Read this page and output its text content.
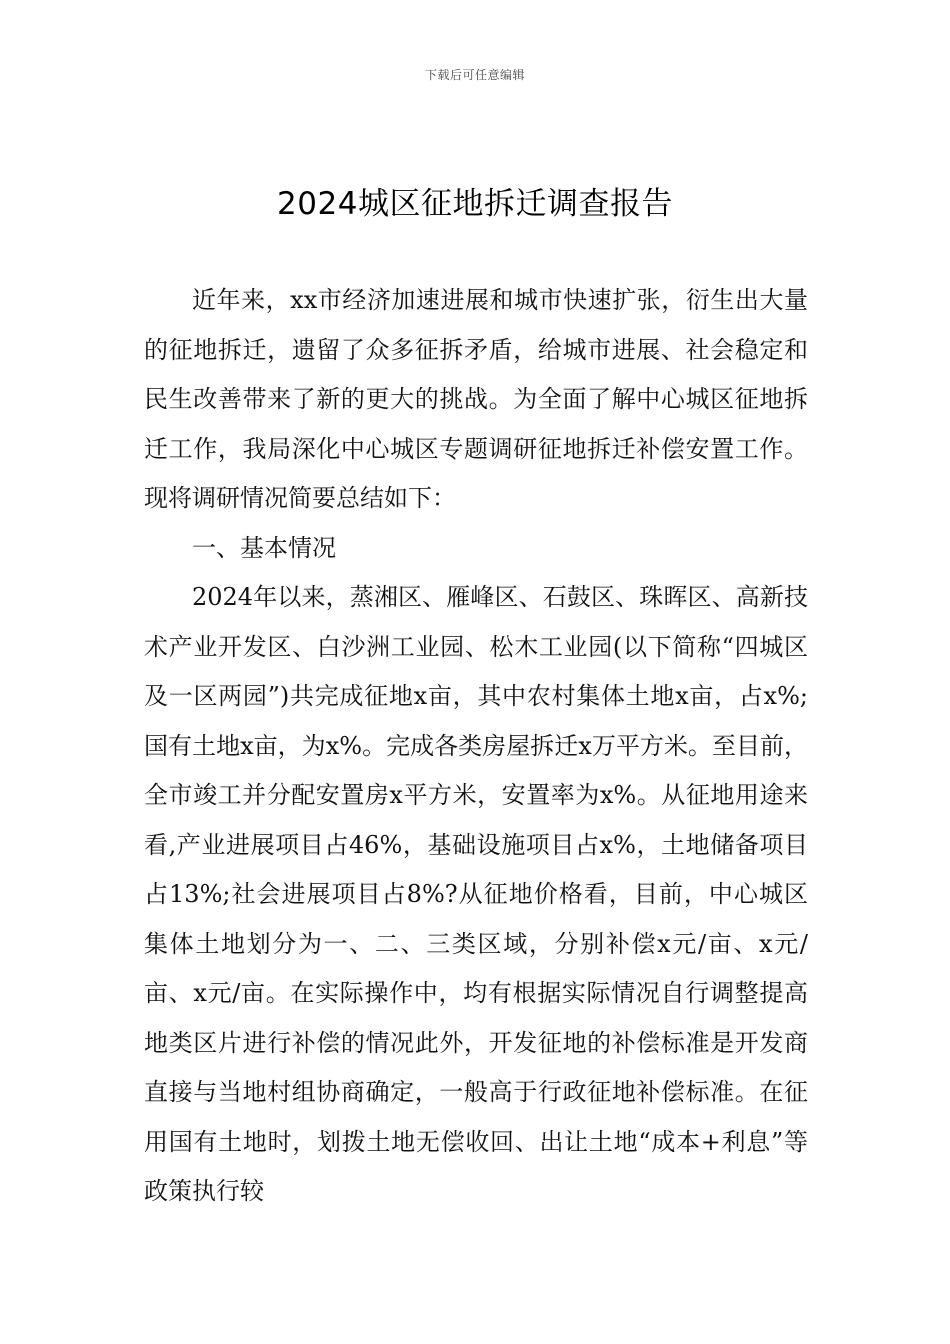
下载后可任意编辑
2024城区征地拆迁调查报告

近年来，xx市经济加速进展和城市快速扩张，衍生出大量的征地拆迁，遗留了众多征拆矛盾，给城市进展、社会稳定和民生改善带来了新的更大的挑战。为全面了解中心城区征地拆迁工作，我局深化中心城区专题调研征地拆迁补偿安置工作。现将调研情况简要总结如下：

一、基本情况

2024年以来，蒸湘区、雁峰区、石鼓区、珠晖区、高新技术产业开发区、白沙洲工业园、松木工业园(以下简称“四城区及一区两园”)共完成征地x亩，其中农村集体土地x亩，占x%;国有土地x亩，为x%。完成各类房屋拆迁x万平方米。至目前，全市竣工并分配安置房x平方米，安置率为x%。从征地用途来看,产业进展项目占46%，基础设施项目占x%，土地储备项目占13%;社会进展项目占8%?从征地价格看，目前，中心城区集体土地划分为一、二、三类区域，分别补偿x元/亩、x元/亩、x元/亩。在实际操作中，均有根据实际情况自行调整提高地类区片进行补偿的情况此外，开发征地的补偿标准是开发商直接与当地村组协商确定，一般高于行政征地补偿标准。在征用国有土地时，划拨土地无偿收回、出让土地“成本+利息”等政策执行较
